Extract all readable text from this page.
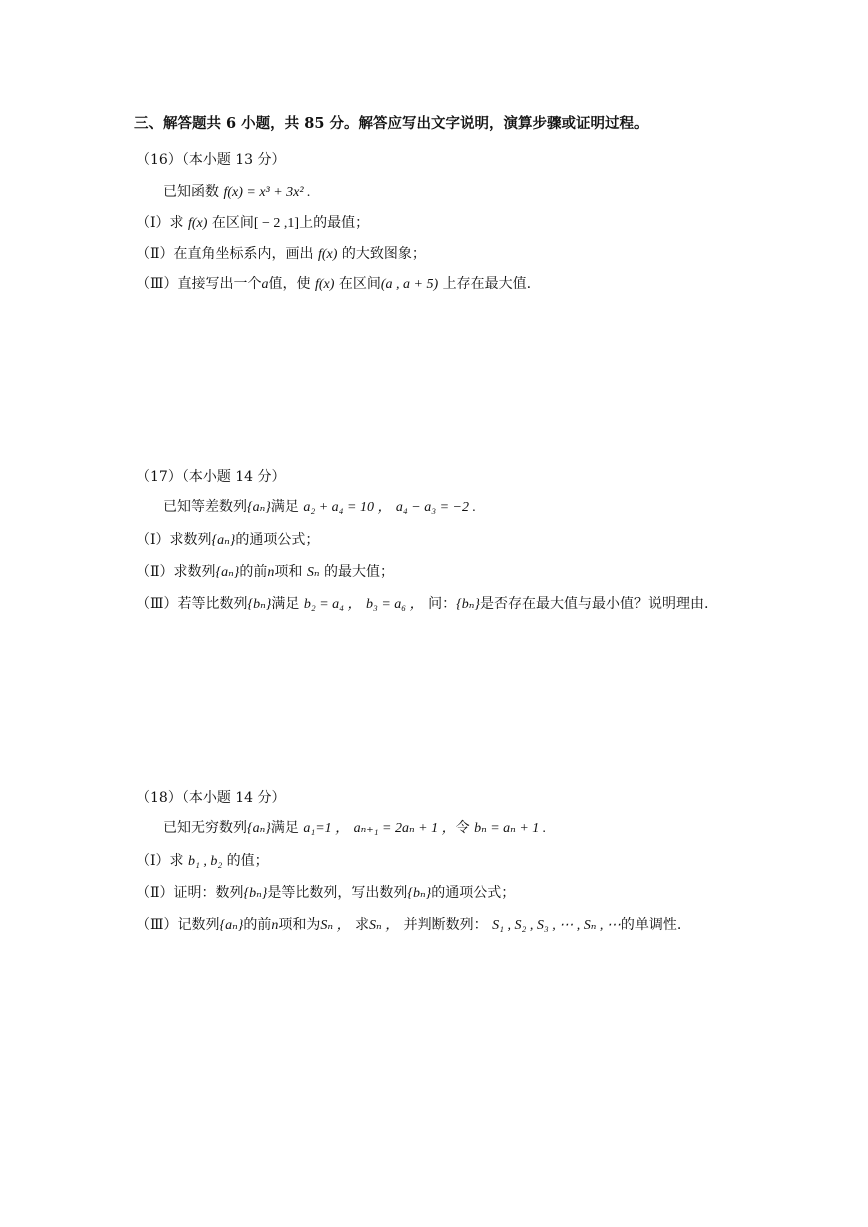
三、解答题共 6 小题，共 85 分。解答应写出文字说明，演算步骤或证明过程。
（16）（本小题 13 分）
已知函数 f(x) = x³ + 3x² .
（Ⅰ）求 f(x) 在区间[ − 2 ,1]上的最值；
（Ⅱ）在直角坐标系内，画出 f(x) 的大致图象；
（Ⅲ）直接写出一个a值，使 f(x) 在区间(a , a + 5) 上存在最大值.
（17）（本小题 14 分）
已知等差数列{aₙ}满足 a₂ + a₄ = 10 ， a₄ − a₃ = −2 .
（Ⅰ）求数列{aₙ}的通项公式；
（Ⅱ）求数列{aₙ}的前n项和 Sₙ 的最大值；
（Ⅲ）若等比数列{bₙ}满足 b₂ = a₄ ， b₃ = a₆ ， 问：{bₙ}是否存在最大值与最小值？说明理由.
（18）（本小题 14 分）
已知无穷数列{aₙ}满足 a₁=1 ， aₙ₊₁ = 2aₙ + 1 ，令 bₙ = aₙ + 1 .
（Ⅰ）求 b₁ , b₂ 的值；
（Ⅱ）证明：数列{bₙ}是等比数列，写出数列{bₙ}的通项公式；
（Ⅲ）记数列{aₙ}的前n项和为Sₙ ， 求Sₙ ， 并判断数列： S₁ , S₂ , S₃ , ⋯ , Sₙ , ⋯的单调性.
